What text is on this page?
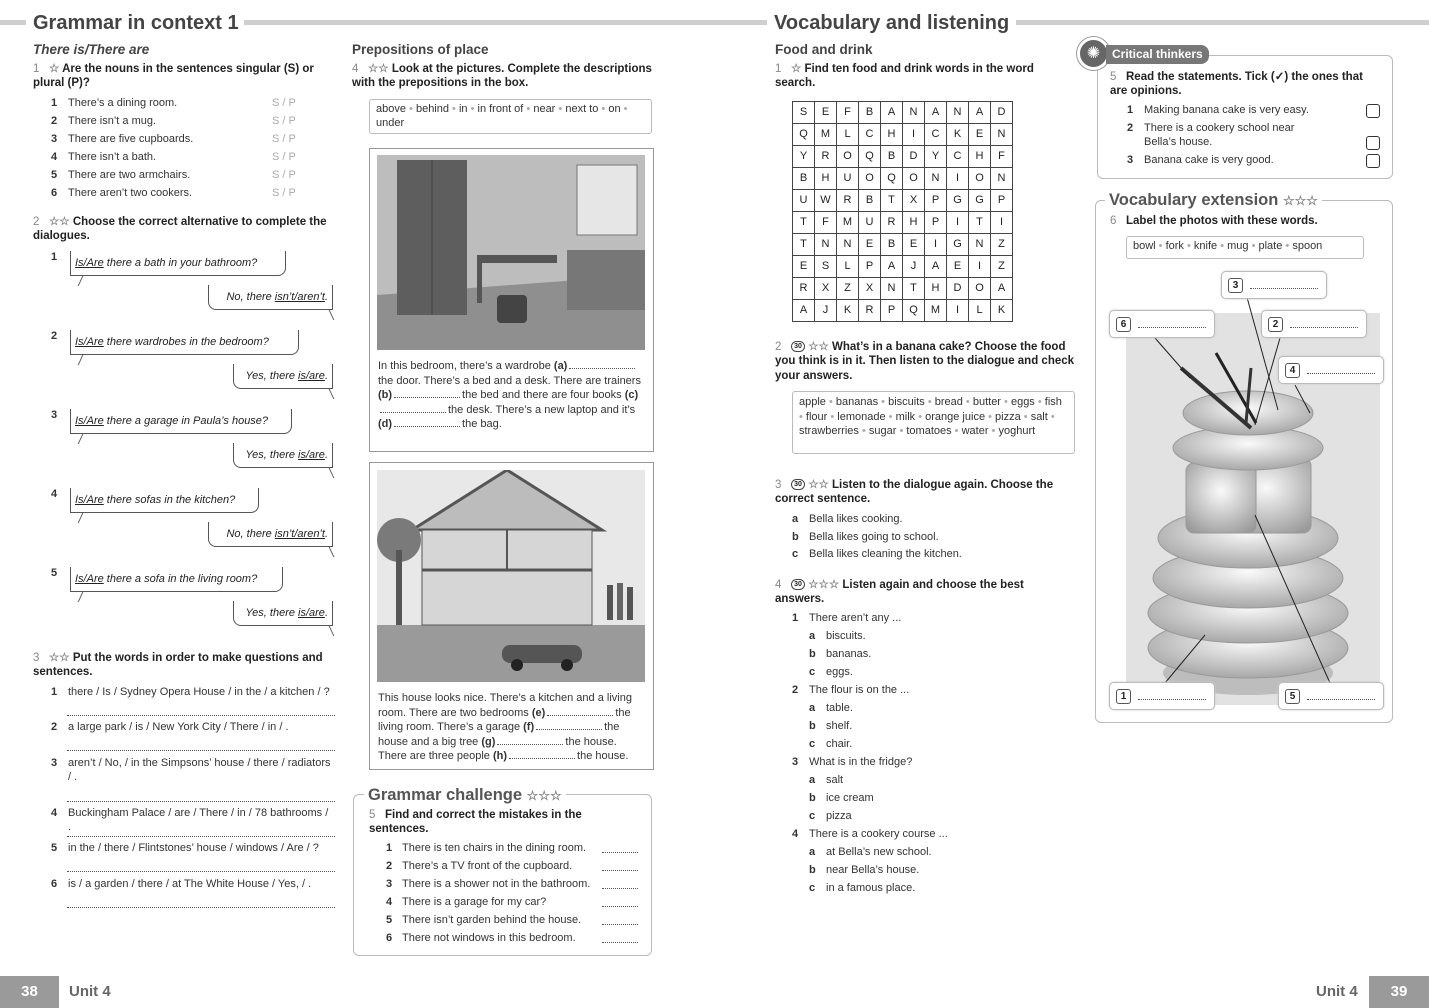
Grammar in context 1
There is/There are
1 ☆ Are the nouns in the sentences singular (S) or plural (P)?
2 ☆☆ Choose the correct alternative to complete the dialogues.
3 ☆☆ Put the words in order to make questions and sentences.
Prepositions of place
4 ☆☆ Look at the pictures. Complete the descriptions with the prepositions in the box.
above • behind • in • in front of • near • next to • on • under
In this bedroom, there’s a wardrobe (a)the door. There’s a bed and a desk. There are trainers (b)	the bed and there are four books (c)the desk. There’s a new laptop and it’s (d)	the bag.
This house looks nice. There’s a kitchen and a living room. There are two bedrooms (e)	the living room. There’s a garage (f)	the house and a big tree (g)	the house. There are three people (h)	the house.
Grammar challenge ☆☆☆
5 Find and correct the mistakes in the sentences.
38	Unit 4
Vocabulary and listening
Food and drink
1 ☆ Find ten food and drink words in the word search.
S	E	F	B	A	N	A	N	A	D
Q	M	L	C	H	I	C	K	E	N
Y	R	O	Q	B	D	Y	C	H	F
B	H	U	O	Q	O	N	I	O	N
U	W	R	B	T	X	P	G	G	P
T	F	M	U	R	H	P	I	T	I
T	N	N	E	B	E	I	G	N	Z
E	S	L	P	A	J	A	E	I	Z
R	X	Z	X	N	T	H	D	O	A
A	J	K	R	P	Q	M	I	L	K
2 30 ☆☆ What’s in a banana cake? Choose the food you think is in it. Then listen to the dialogue and check your answers.
apple • bananas • biscuits • bread • butter • eggs • fish • flour • lemonade • milk • orange juice • pizza • salt • strawberries • sugar • tomatoes • water • yoghurt
3 30 ☆☆ Listen to the dialogue again. Choose the correct sentence.
4 30 ☆☆☆ Listen again and choose the best answers.
✺ Critical thinkers
5 Read the statements. Tick (✓) the ones that are opinions.
Vocabulary extension ☆☆☆
6 Label the photos with these words.
bowl • fork • knife • mug • plate • spoon
1
2
3
4
5
6
Unit 4	39
1 There’s a dining room.	S / P
2 There isn’t a mug.	S / P
3 There are five cupboards.	S / P
4 There isn’t a bath.	S / P
5 There are two armchairs.	S / P
6 There aren’t two cookers.	S / P
1	Is/Are there a bath in your bathroom?
No, there isn’t/aren’t.
2	Is/Are there wardrobes in the bedroom?
Yes, there is/are.
3	Is/Are there a garage in Paula’s house?
Yes, there is/are.
4	Is/Are there sofas in the kitchen?
No, there isn’t/aren’t.
5	Is/Are there a sofa in the living room?
Yes, there is/are.
1 there / Is / Sydney Opera House / in the / a kitchen / ?
2 a large park / is / New York City / There / in / .
3 aren’t / No, / in the Simpsons’ house / there / radiators / .
4 Buckingham Palace / are / There / in / 78 bathrooms / .
5 in the / there / Flintstones’ house / windows / Are / ?
6 is / a garden / there / at The White House / Yes, / .
1 There is ten chairs in the dining room.
2 There’s a TV front of the cupboard.
3 There is a shower not in the bathroom.
4 There is a garage for my car?
5 There isn’t garden behind the house.
6 There not windows in this bedroom.
a Bella likes cooking.
b Bella likes going to school.
c Bella likes cleaning the kitchen.
1 There aren’t any ...
a biscuits.
b bananas.
c eggs.
2 The flour is on the ...
a table.
b shelf.
c chair.
3 What is in the fridge?
a salt
b ice cream
c pizza
4 There is a cookery course ...
a at Bella’s new school.
b near Bella’s house.
c in a famous place.
1 Making banana cake is very easy.
2 There is a cookery school near Bella’s house.
3 Banana cake is very good.
